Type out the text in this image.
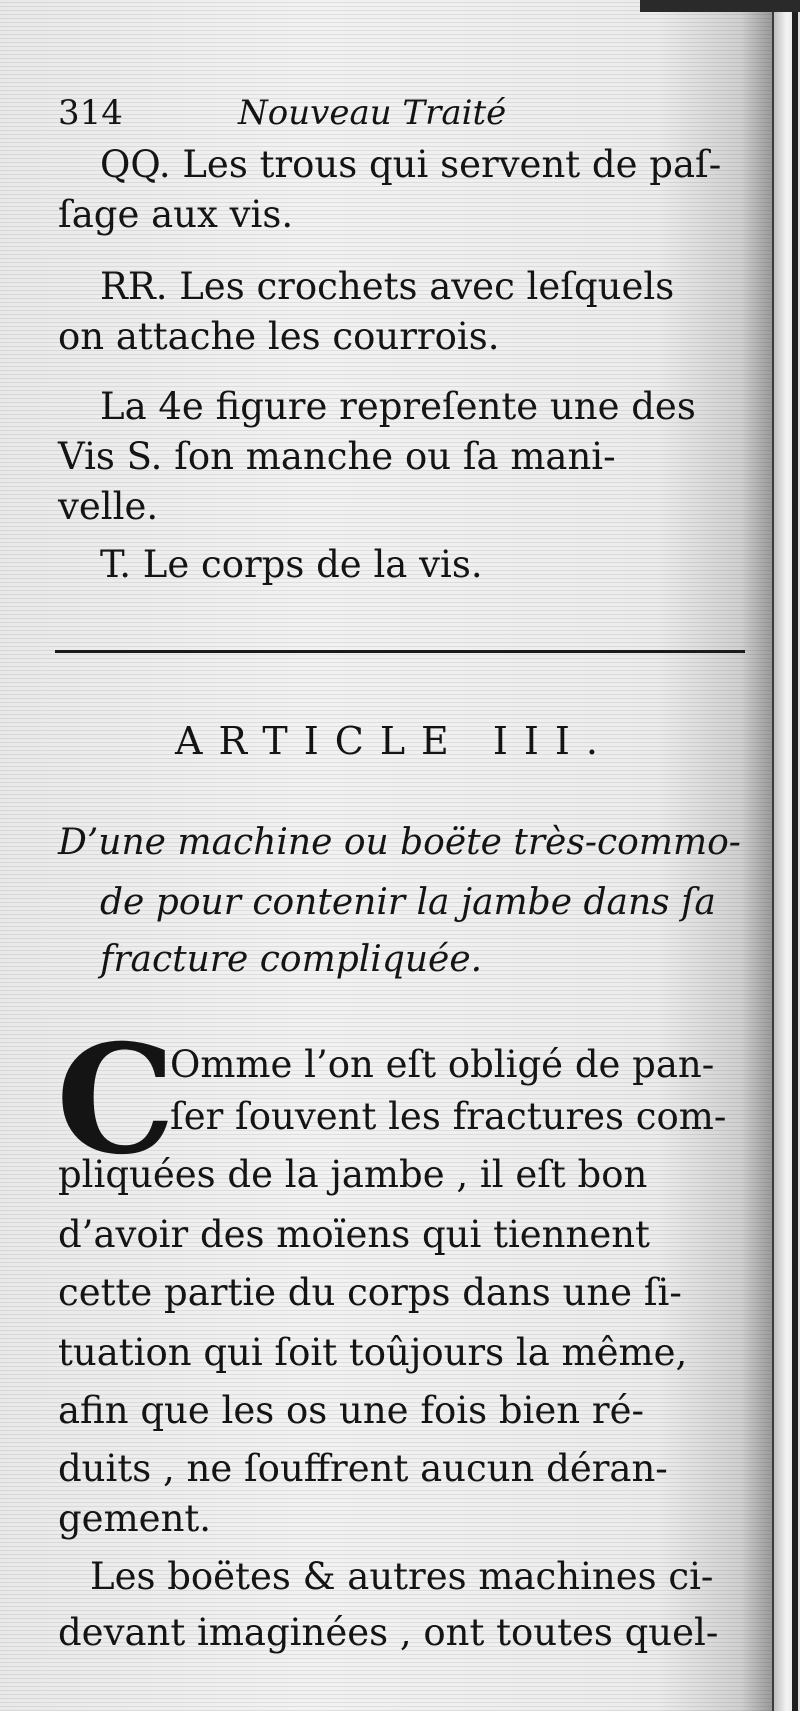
314	Nouveau Traité
QQ. Les trous qui servent de paſ-
ſage aux vis.
RR. Les crochets avec leſquels
on attache les courrois.
La 4e figure repreſente une des
Vis S. ſon manche ou ſa mani-
velle.
T. Le corps de la vis.
ARTICLE III.
D’une machine ou boëte très-commo-
de pour contenir la jambe dans ſa
fracture compliquée.
C
Omme l’on eſt obligé de pan-
ſer ſouvent les fractures com-
pliquées de la jambe , il eſt bon
d’avoir des moïens qui tiennent
cette partie du corps dans une ſi-
tuation qui ſoit toûjours la même,
afin que les os une fois bien ré-
duits , ne ſouffrent aucun déran-
gement.
Les boëtes & autres machines ci-
devant imaginées , ont toutes quel-
